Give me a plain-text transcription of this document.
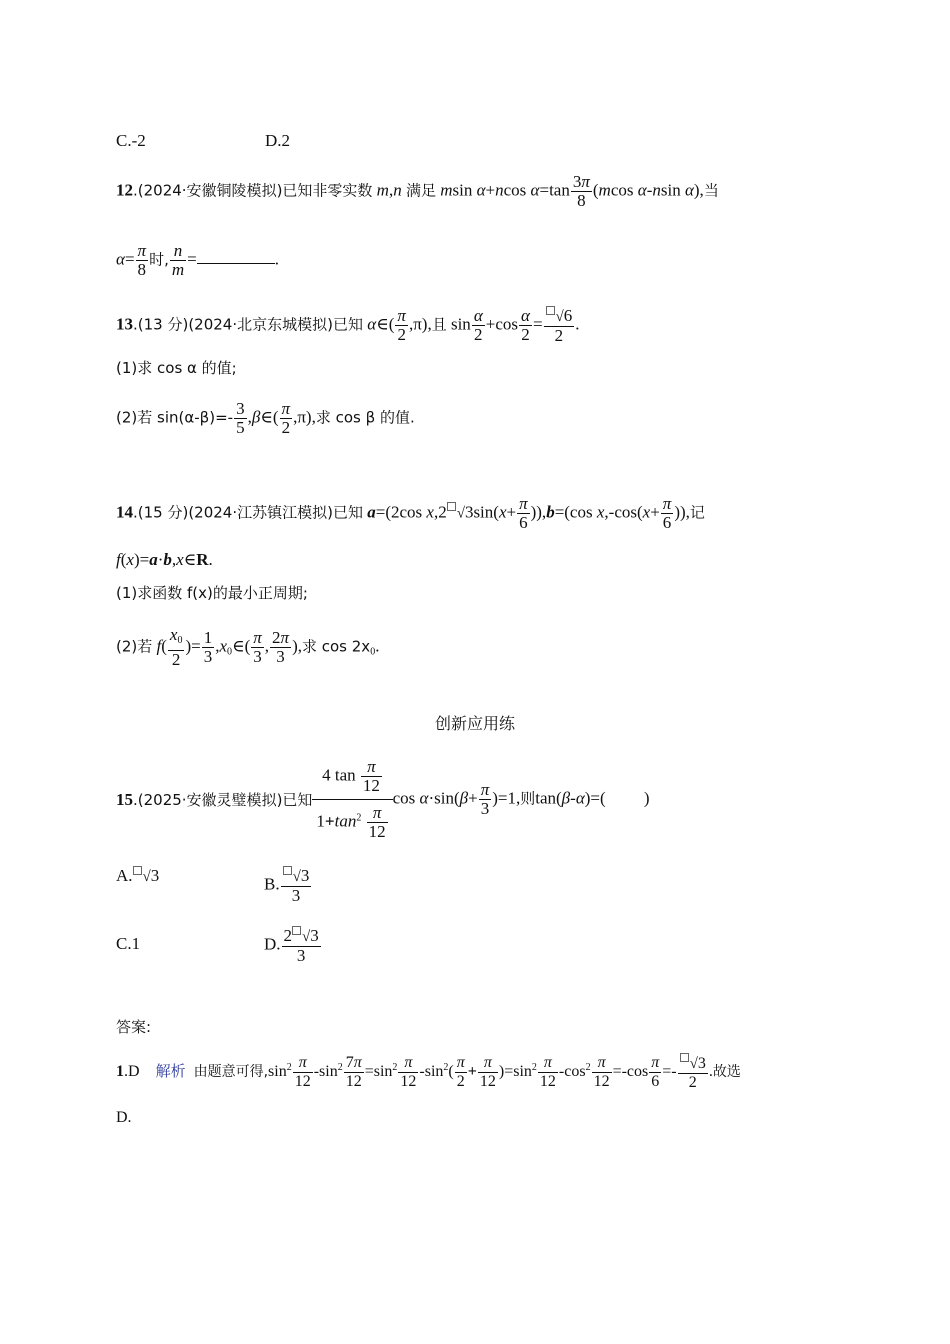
C.-2	D.2
12.(2024·安徽铜陵模拟)已知非零实数 m,n 满足 msin α+ncos $\alpha=\tan \frac{3\pi}{8} (mcos$ α-nsin α),当
$\alpha= \frac{\pi}{8}$ 时, $\frac{n}{m}$ =	.
13.(13 分)(2024·北京东城模拟)已知 α∈( $\frac{\pi}{2} ,\pi$),且 $\sin \frac{\alpha}{2} +\cos \frac{\alpha}{2} = \frac{√6}{2}$ .
(1)求 cos α 的值;
(2)若 $\sin(\alpha-\beta)=- \frac{3}{5}$ ,β∈( $\frac{\pi}{2} ,\pi$),求 cos β 的值.
14.(15 分)(2024·江苏镇江模拟)已知 a=(2cos x,2 $√3\sin(x+ \frac{\pi}{6} )),b=(\cos$ $x,-\cos(x+ \frac{\pi}{6}$ )),记
f(x)=a·b,x∈R.
(1)求函数 f(x)的最小正周期;
(2)若 $f( \frac{x_0}{2}$ )= $\frac{1}{3}$ $,x_0\in( \frac{\pi}{3}$ , $\frac{2\pi}{3}$ ),求 $\cos 2x_0$.
创新应用练
15.(2025·安徽灵璧模拟)已知 $\frac{4 \tan \frac{\pi}{12}}{1+\tan^2 \frac{\pi}{12}}$ $\cos \alpha\cdot\sin(\beta+ \frac{\pi}{3} )=1$,则tan(β-α)=(         )
A. √3	B. $\frac{√3}{3}$
C.1	D. $\frac{2 √3}{3}$
答案:
1.D 解析 由题意可得$,\sin^2 \frac{\pi}{12} -\sin^2 \frac{7\pi}{12} =\sin^2 \frac{\pi}{12} -\sin^2( \frac{\pi}{2} + \frac{\pi}{12} )=\sin^2 \frac{\pi}{12} -\cos^2 \frac{\pi}{12} =-\cos \frac{\pi}{6} =- \frac{√3}{2}$ .故选
D.
